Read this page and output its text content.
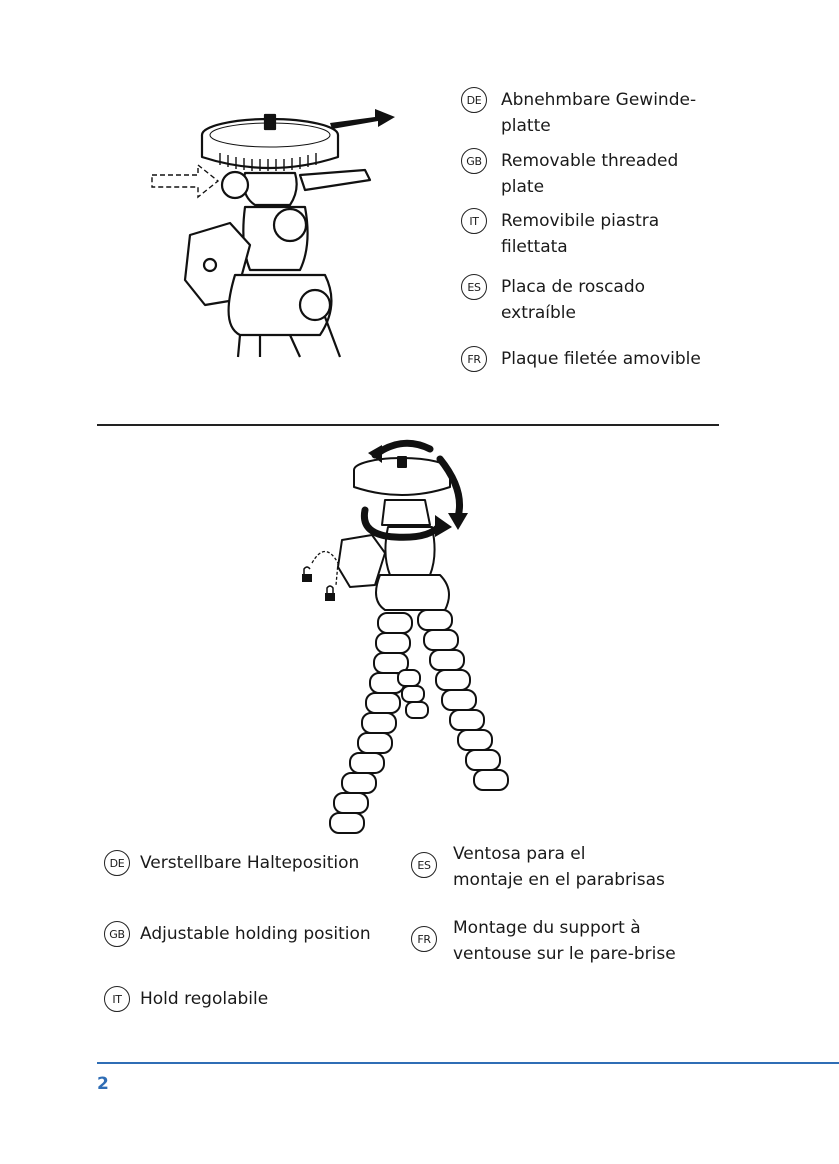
DE	Abnehmbare Gewinde-
platte
GB	Removable threaded
plate
IT	Removibile piastra
filettata
ES	Placa de roscado
extraíble
FR	Plaque filetée amovible
DE Verstellbare Halteposition
GB Adjustable holding position
IT	Hold regolabile
ES
Ventosa para el
montaje en el parabrisas
FR
Montage du support à
ventouse sur le pare-brise
2
